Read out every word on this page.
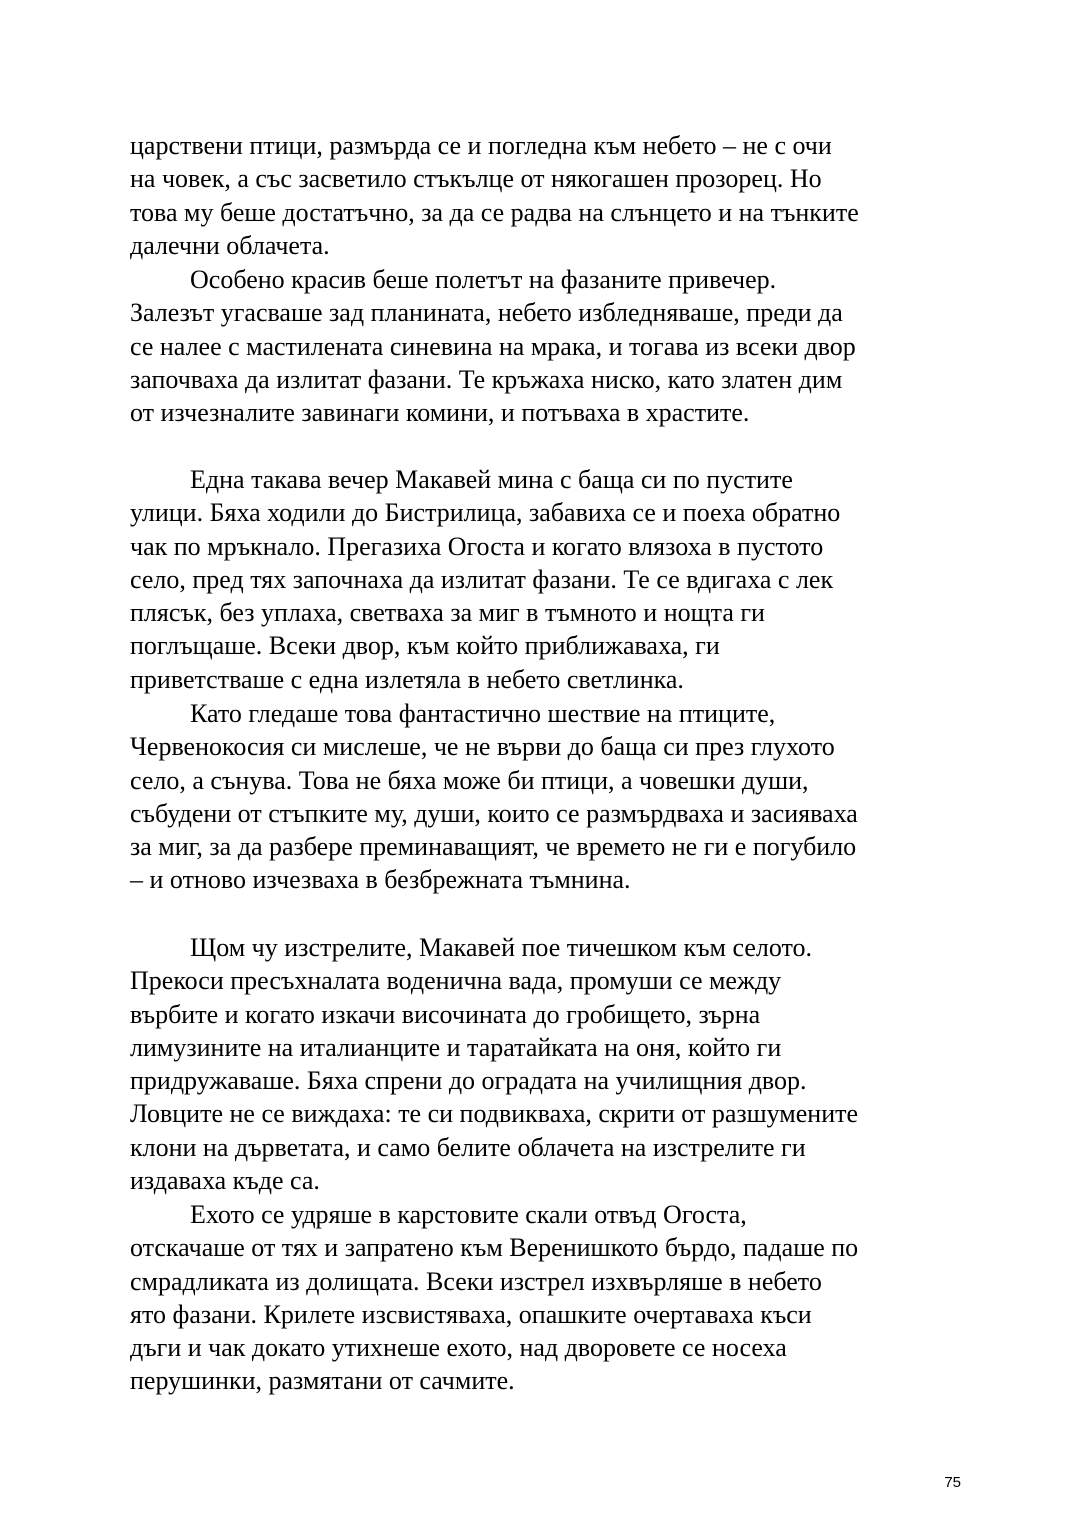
царствени птици, размърда се и погледна към небето – не с очи
на човек, а със засветило стъкълце от някогашен прозорец. Но
това му беше достатъчно, за да се радва на слънцето и на тънките
далечни облачета.
Особено красив беше полетът на фазаните привечер.
Залезът угасваше зад планината, небето избледняваше, преди да
се налее с мастилената синевина на мрака, и тогава из всеки двор
започваха да излитат фазани. Те кръжаха ниско, като златен дим
от изчезналите завинаги комини, и потъваха в храстите.
Една такава вечер Макавей мина с баща си по пустите
улици. Бяха ходили до Бистрилица, забавиха се и поеха обратно
чак по мръкнало. Прегазиха Огоста и когато влязоха в пустото
село, пред тях започнаха да излитат фазани. Те се вдигаха с лек
плясък, без уплаха, светваха за миг в тъмното и нощта ги
поглъщаше. Всеки двор, към който приближаваха, ги
приветстваше с една излетяла в небето светлинка.
Като гледаше това фантастично шествие на птиците,
Червенокосия си мислеше, че не върви до баща си през глухото
село, а сънува. Това не бяха може би птици, а човешки души,
събудени от стъпките му, души, които се размърдваха и засияваха
за миг, за да разбере преминаващият, че времето не ги е погубило
– и отново изчезваха в безбрежната тъмнина.
Щом чу изстрелите, Макавей пое тичешком към селото.
Прекоси пресъхналата воденична вада, промуши се между
върбите и когато изкачи височината до гробището, зърна
лимузините на италианците и таратайката на оня, който ги
придружаваше. Бяха спрени до оградата на училищния двор.
Ловците не се виждаха: те си подвикваха, скрити от разшумените
клони на дърветата, и само белите облачета на изстрелите ги
издаваха къде са.
Ехото се удряше в карстовите скали отвъд Огоста,
отскачаше от тях и запратено към Веренишкото бърдо, падаше по
смрадликата из долищата. Всеки изстрел изхвърляше в небето
ято фазани. Крилете изсвистяваха, опашките очертаваха къси
дъги и чак докато утихнеше ехото, над дворовете се носеха
перушинки, размятани от сачмите.
75
